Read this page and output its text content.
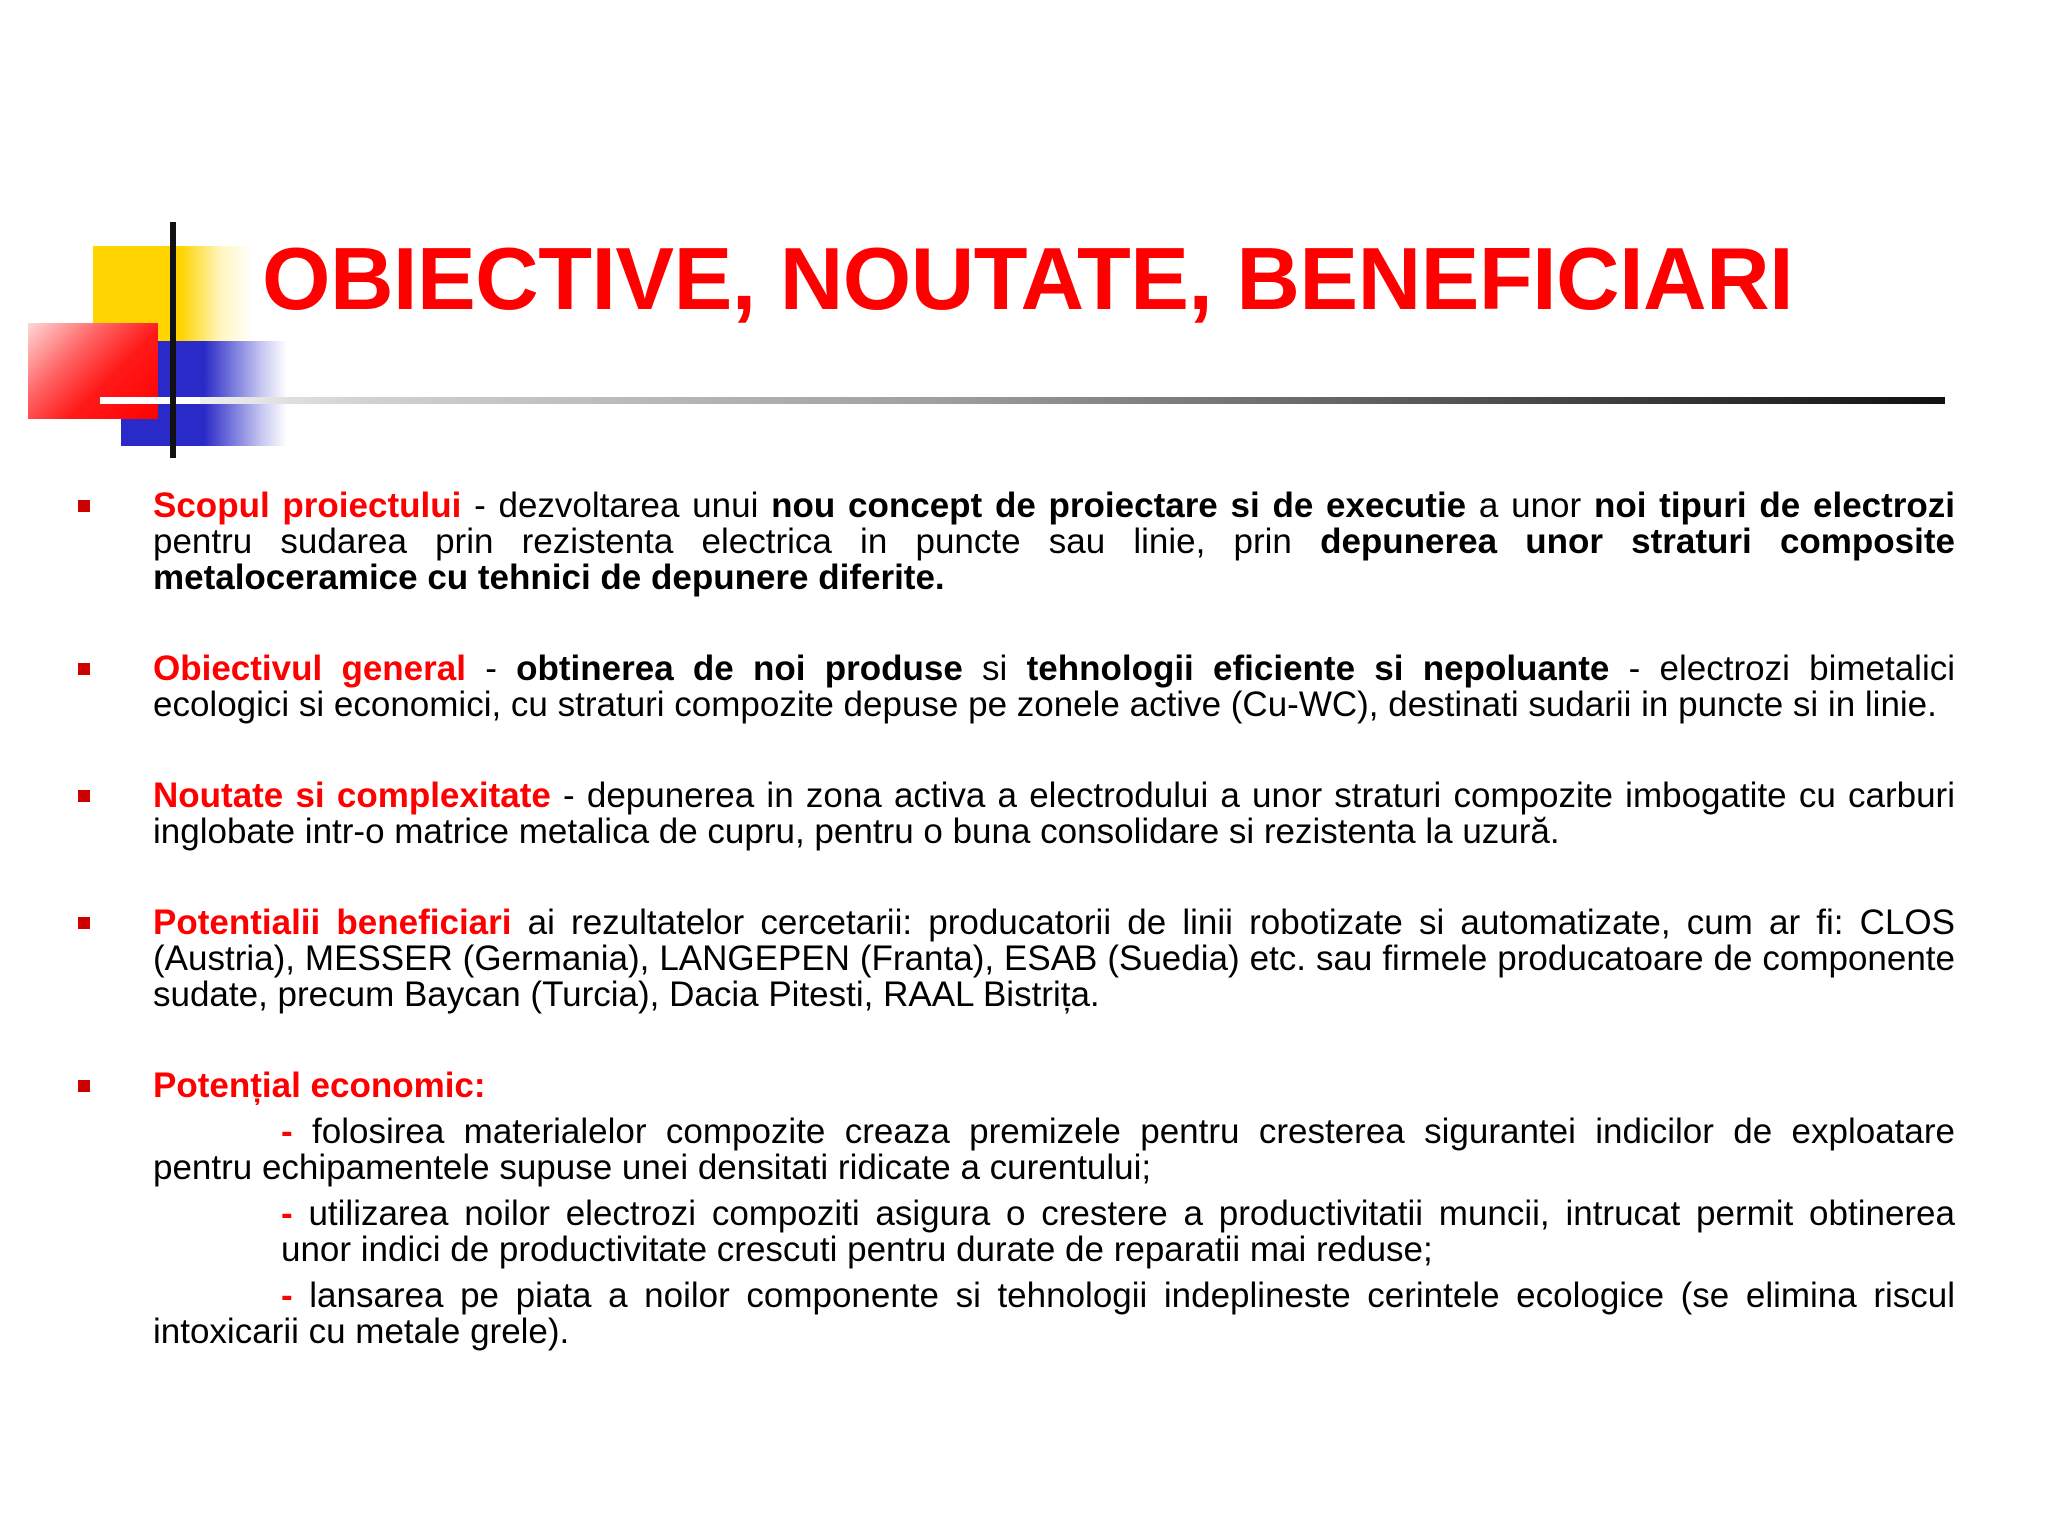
OBIECTIVE, NOUTATE, BENEFICIARI
Scopul proiectului - dezvoltarea unui nou concept de proiectare si de executie a unor noi tipuri de electrozi pentru sudarea prin rezistenta electrica in puncte sau linie, prin depunerea unor straturi composite metaloceramice cu tehnici de depunere diferite.
Obiectivul general - obtinerea de noi produse si tehnologii eficiente si nepoluante - electrozi bimetalici ecologici si economici, cu straturi compozite depuse pe zonele active (Cu-WC), destinati sudarii in puncte si in linie.
Noutate si complexitate - depunerea in zona activa a electrodului a unor straturi compozite imbogatite cu carburi inglobate intr-o matrice metalica de cupru, pentru o buna consolidare si rezistenta la uzură.
Potentialii beneficiari ai rezultatelor cercetarii: producatorii de linii robotizate si automatizate, cum ar fi: CLOS (Austria), MESSER (Germania), LANGEPEN (Franta), ESAB (Suedia) etc. sau firmele producatoare de componente sudate, precum Baycan (Turcia), Dacia Pitesti, RAAL Bistrița.
Potențial economic:
- folosirea materialelor compozite creaza premizele pentru cresterea sigurantei indicilor de exploatare pentru echipamentele supuse unei densitati ridicate a curentului;
- utilizarea noilor electrozi compoziti asigura o crestere a productivitatii muncii, intrucat permit obtinerea unor indici de productivitate crescuti pentru durate de reparatii mai reduse;
- lansarea pe piata a noilor componente si tehnologii indeplineste cerintele ecologice (se elimina riscul intoxicarii cu metale grele).
